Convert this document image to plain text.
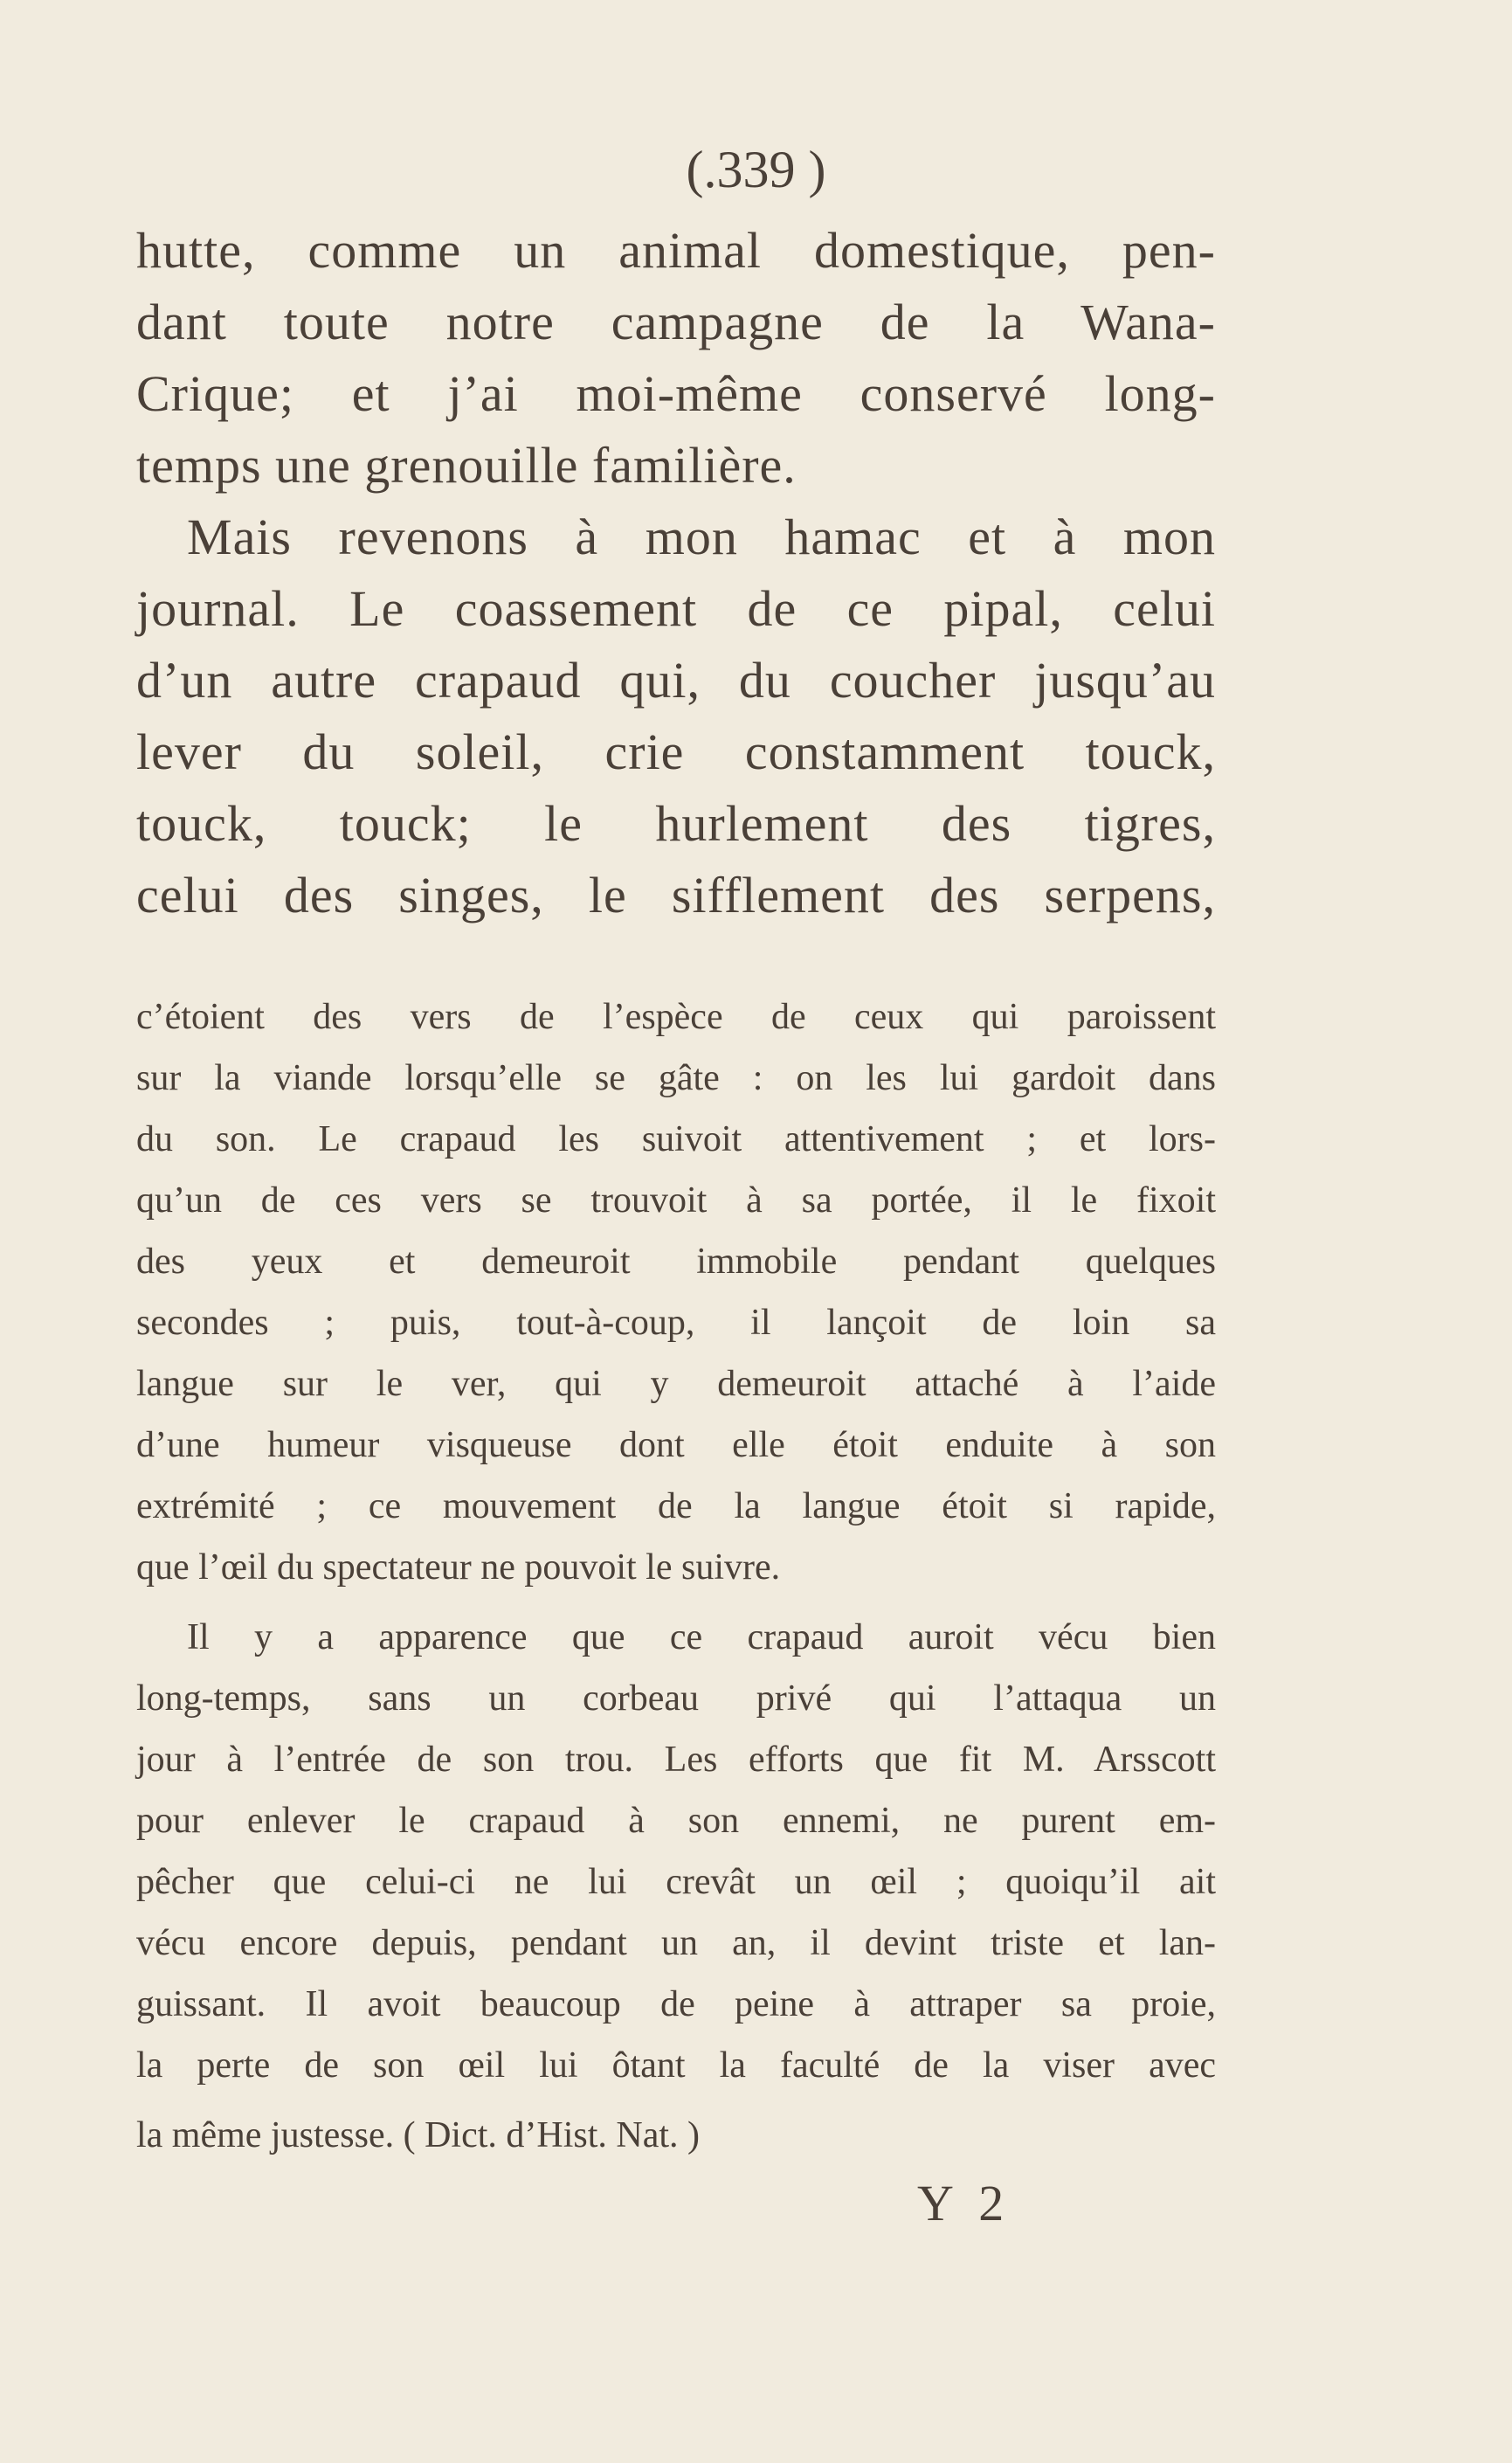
(.339 )
hutte, comme un animal domestique, pen-
dant toute notre campagne de la Wana-
Crique; et j’ai moi-même conservé long-
temps une grenouille familière.
Mais revenons à mon hamac et à mon
journal. Le coassement de ce pipal, celui
d’un autre crapaud qui, du coucher jusqu’au
lever du soleil, crie constamment touck,
touck, touck; le hurlement des tigres,
celui des singes, le sifflement des serpens,
c’étoient des vers de l’espèce de ceux qui paroissent
sur la viande lorsqu’elle se gâte : on les lui gardoit dans
du son. Le crapaud les suivoit attentivement ; et lors-
qu’un de ces vers se trouvoit à sa portée, il le fixoit
des yeux et demeuroit immobile pendant quelques
secondes ; puis, tout-à-coup, il lançoit de loin sa
langue sur le ver, qui y demeuroit attaché à l’aide
d’une humeur visqueuse dont elle étoit enduite à son
extrémité ; ce mouvement de la langue étoit si rapide,
que l’œil du spectateur ne pouvoit le suivre.
Il y a apparence que ce crapaud auroit vécu bien
long-temps, sans un corbeau privé qui l’attaqua un
jour à l’entrée de son trou. Les efforts que fit M. Arsscott
pour enlever le crapaud à son ennemi, ne purent em-
pêcher que celui-ci ne lui crevât un œil ; quoiqu’il ait
vécu encore depuis, pendant un an, il devint triste et lan-
guissant. Il avoit beaucoup de peine à attraper sa proie,
la perte de son œil lui ôtant la faculté de la viser avec
la même justesse. ( Dict. d’Hist. Nat. )
Y 2
